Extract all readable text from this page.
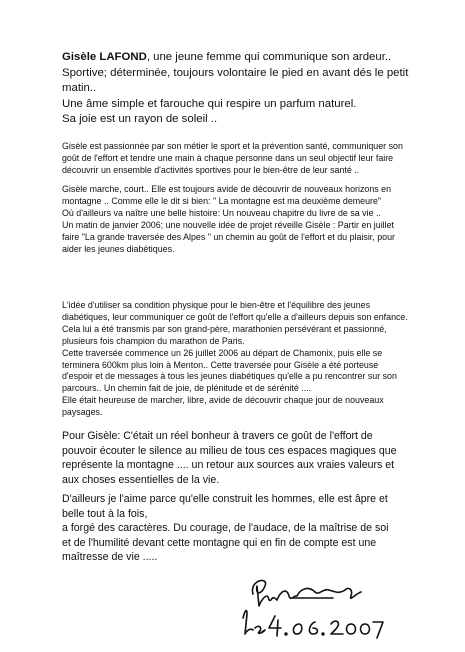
Gisèle LAFOND, une jeune femme qui communique son ardeur..
Sportive; déterminée, toujours volontaire le pied en avant dés le petit
matin..
Une âme simple et farouche qui respire un parfum naturel.
Sa joie est un rayon de soleil ..
Gisèle est passionnée par son métier le sport et la prévention santé, communiquer son
goût de l'effort et tendre une main à chaque personne dans un seul objectif leur faire
découvrir un ensemble d'activités sportives pour le bien-être de leur santé ..
Gisèle marche, court.. Elle est toujours avide de découvrir de nouveaux horizons en
montagne .. Comme elle le dit si bien: " La montagne est ma deuxième demeure"
Où d'ailleurs va naître une belle histoire: Un nouveau chapitre du livre de sa vie ..
Un matin de janvier 2006; une nouvelle idée de projet réveille Gisèle : Partir en juillet
faire "La grande traversée des Alpes " un chemin au goût de l'effort et du plaisir, pour
aider les jeunes diabétiques.
L'idée d'utiliser sa condition physique pour le bien-être et l'équilibre des jeunes
diabétiques, leur communiquer ce goût de l'effort qu'elle a d'ailleurs depuis son enfance.
Cela lui a été transmis par son grand-père, marathonien persévérant et passionné,
plusieurs fois champion du marathon de Paris.
Cette traversée commence un 26 juillet 2006 au départ de Chamonix, puis elle se
terminera 600km plus loin à Menton.. Cette traversée pour Gisèle a été porteuse
d'espoir et de messages à tous les jeunes diabétiques qu'elle a pu rencontrer sur son
parcours.. Un chemin fait de joie, de plénitude et de sérénité ....
Elle était heureuse de marcher, libre, avide de découvrir chaque jour de nouveaux
paysages.
Pour Gisèle: C'était un réel bonheur à travers ce goût de l'effort de
pouvoir écouter le silence au milieu de tous ces espaces magiques que
représente la montagne .... un retour aux sources aux vraies valeurs et
aux choses essentielles de la vie.
D'ailleurs je l'aime parce qu'elle construit les hommes, elle est âpre et
belle tout à la fois,
a forgé des caractères. Du courage, de l'audace, de la maîtrise de soi
et de l'humilité devant cette montagne qui en fin de compte est une
maîtresse de vie .....
